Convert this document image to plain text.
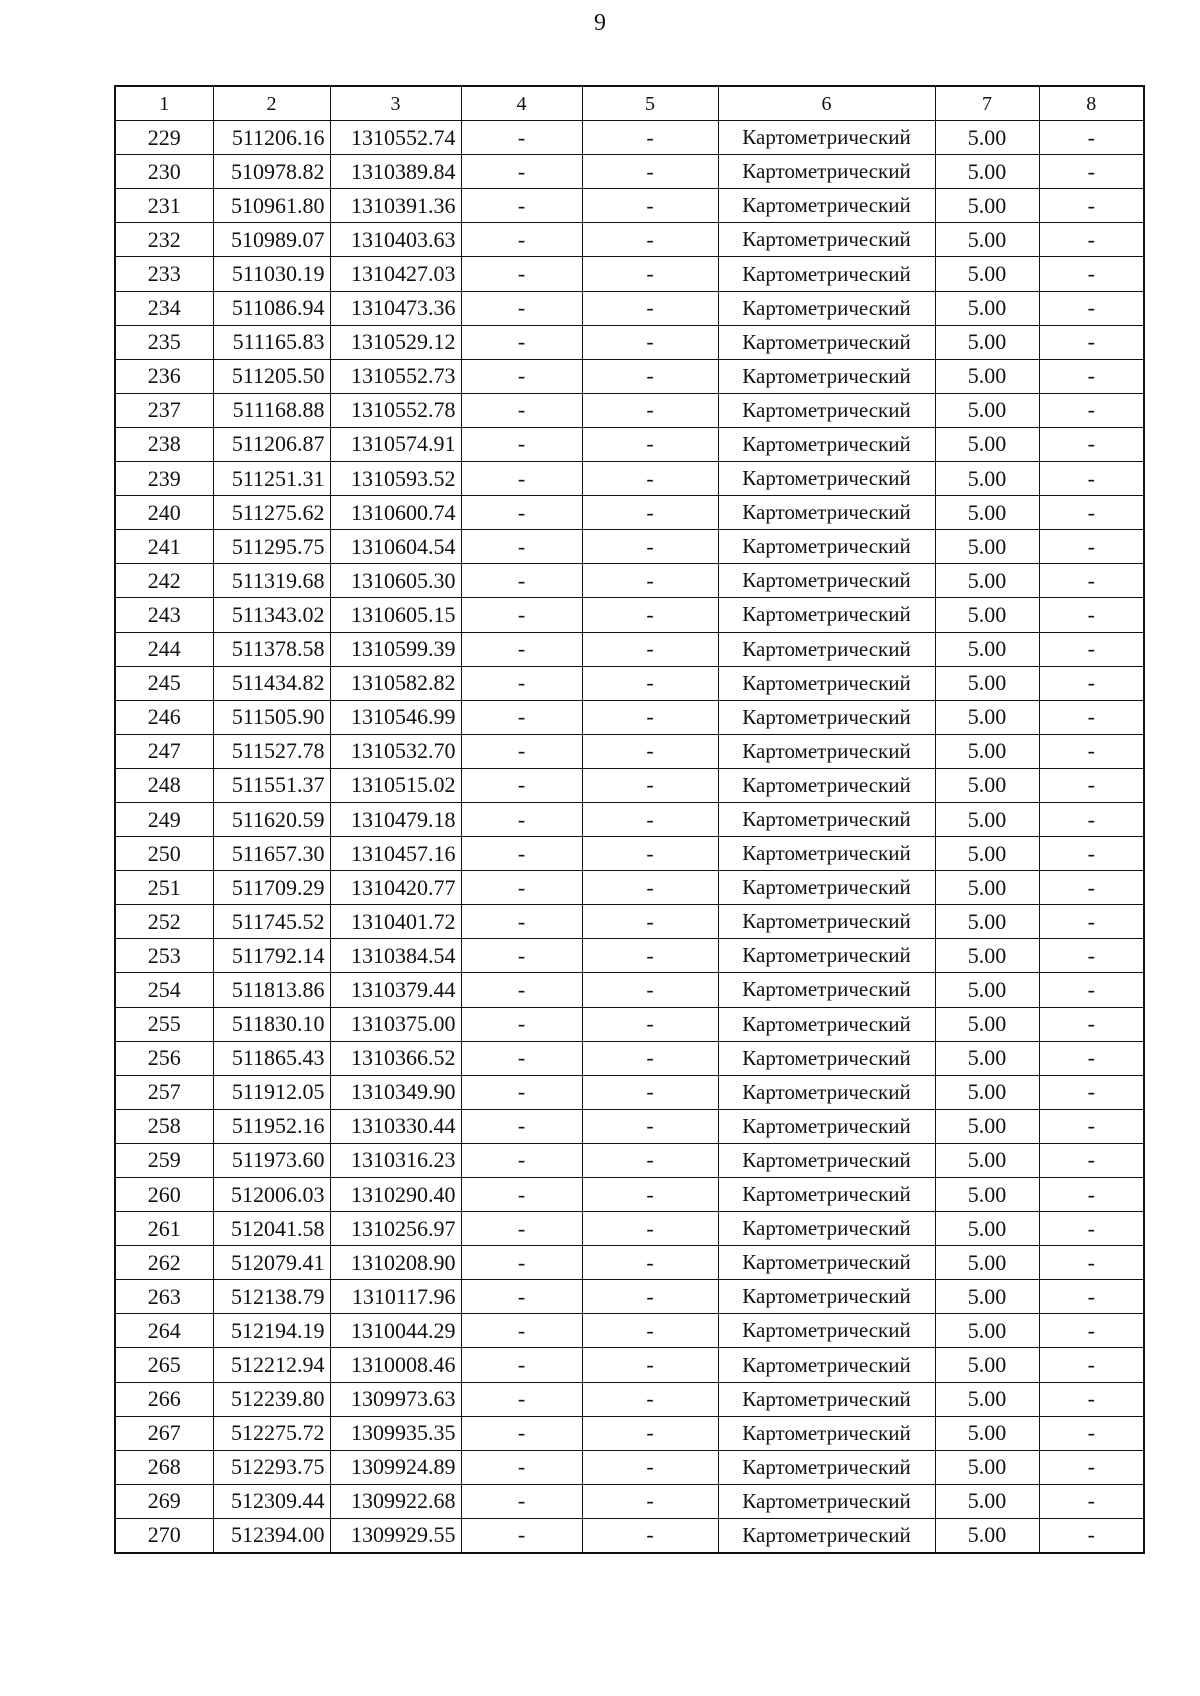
9
1	2	3	4	5	6	7	8
229	511206.16	1310552.74	-	-	Картометрический	5.00	-
230	510978.82	1310389.84	-	-	Картометрический	5.00	-
231	510961.80	1310391.36	-	-	Картометрический	5.00	-
232	510989.07	1310403.63	-	-	Картометрический	5.00	-
233	511030.19	1310427.03	-	-	Картометрический	5.00	-
234	511086.94	1310473.36	-	-	Картометрический	5.00	-
235	511165.83	1310529.12	-	-	Картометрический	5.00	-
236	511205.50	1310552.73	-	-	Картометрический	5.00	-
237	511168.88	1310552.78	-	-	Картометрический	5.00	-
238	511206.87	1310574.91	-	-	Картометрический	5.00	-
239	511251.31	1310593.52	-	-	Картометрический	5.00	-
240	511275.62	1310600.74	-	-	Картометрический	5.00	-
241	511295.75	1310604.54	-	-	Картометрический	5.00	-
242	511319.68	1310605.30	-	-	Картометрический	5.00	-
243	511343.02	1310605.15	-	-	Картометрический	5.00	-
244	511378.58	1310599.39	-	-	Картометрический	5.00	-
245	511434.82	1310582.82	-	-	Картометрический	5.00	-
246	511505.90	1310546.99	-	-	Картометрический	5.00	-
247	511527.78	1310532.70	-	-	Картометрический	5.00	-
248	511551.37	1310515.02	-	-	Картометрический	5.00	-
249	511620.59	1310479.18	-	-	Картометрический	5.00	-
250	511657.30	1310457.16	-	-	Картометрический	5.00	-
251	511709.29	1310420.77	-	-	Картометрический	5.00	-
252	511745.52	1310401.72	-	-	Картометрический	5.00	-
253	511792.14	1310384.54	-	-	Картометрический	5.00	-
254	511813.86	1310379.44	-	-	Картометрический	5.00	-
255	511830.10	1310375.00	-	-	Картометрический	5.00	-
256	511865.43	1310366.52	-	-	Картометрический	5.00	-
257	511912.05	1310349.90	-	-	Картометрический	5.00	-
258	511952.16	1310330.44	-	-	Картометрический	5.00	-
259	511973.60	1310316.23	-	-	Картометрический	5.00	-
260	512006.03	1310290.40	-	-	Картометрический	5.00	-
261	512041.58	1310256.97	-	-	Картометрический	5.00	-
262	512079.41	1310208.90	-	-	Картометрический	5.00	-
263	512138.79	1310117.96	-	-	Картометрический	5.00	-
264	512194.19	1310044.29	-	-	Картометрический	5.00	-
265	512212.94	1310008.46	-	-	Картометрический	5.00	-
266	512239.80	1309973.63	-	-	Картометрический	5.00	-
267	512275.72	1309935.35	-	-	Картометрический	5.00	-
268	512293.75	1309924.89	-	-	Картометрический	5.00	-
269	512309.44	1309922.68	-	-	Картометрический	5.00	-
270	512394.00	1309929.55	-	-	Картометрический	5.00	-
